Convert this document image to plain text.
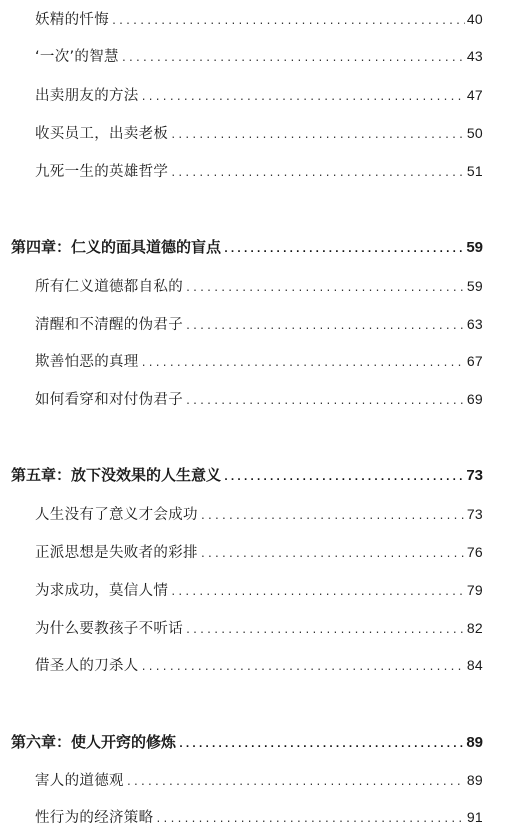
妖精的忏悔 .....	40
‘一次’的智慧 .....	43
出卖朋友的方法 .....	47
收买员工，出卖老板 .....	50
九死一生的英雄哲学 .....	51
第四章：仁义的面具道德的盲点 .....	59
所有仁义道德都自私的 .....	59
清醒和不清醒的伪君子 .....	63
欺善怕恶的真理 .....	67
如何看穿和对付伪君子 .....	69
第五章：放下没效果的人生意义 .....	73
人生没有了意义才会成功 .....	73
正派思想是失败者的彩排 .....	76
为求成功，莫信人情 .....	79
为什么要教孩子不听话 .....	82
借圣人的刀杀人 .....	84
第六章：使人开窍的修炼 .....	89
害人的道德观 .....	89
性行为的经济策略 .....	91
